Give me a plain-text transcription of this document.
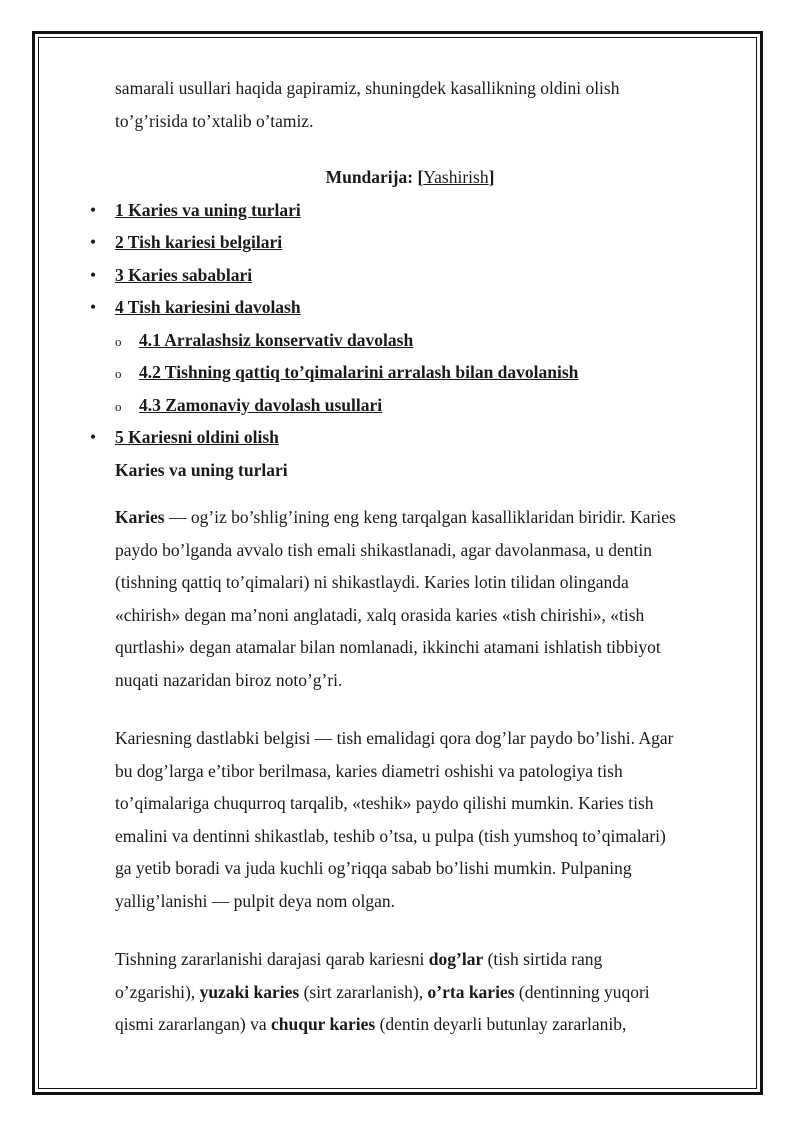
samarali usullari haqida gapiramiz, shuningdek kasallikning oldini olish
to’g’risida to’xtalib o’tamiz.

Mundarija: [Yashirish]

• 1 Karies va uning turlari
• 2 Tish kariesi belgilari
• 3 Karies sabablari
• 4 Tish kariesini davolash
o 4.1 Arralashsiz konservativ davolash
o 4.2 Tishning qattiq to’qimalarini arralash bilan davolanish
o 4.3 Zamonaviy davolash usullari
• 5 Kariesni oldini olish

Karies va uning turlari

Karies — og’iz bo’shlig’ining eng keng tarqalgan kasalliklaridan biridir. Karies
paydo bo’lganda avvalo tish emali shikastlanadi, agar davolanmasa, u dentin
(tishning qattiq to’qimalari) ni shikastlaydi. Karies lotin tilidan olinganda
«chirish» degan ma’noni anglatadi, xalq orasida karies «tish chirishi», «tish
qurtlashi» degan atamalar bilan nomlanadi, ikkinchi atamani ishlatish tibbiyot
nuqati nazaridan biroz noto’g’ri.

Kariesning dastlabki belgisi — tish emalidagi qora dog’lar paydo bo’lishi. Agar
bu dog’larga e’tibor berilmasa, karies diametri oshishi va patologiya tish
to’qimalariga chuqurroq tarqalib, «teshik» paydo qilishi mumkin. Karies tish
emalini va dentinni shikastlab, teshib o’tsa, u pulpa (tish yumshoq to’qimalari)
ga yetib boradi va juda kuchli og’riqqa sabab bo’lishi mumkin. Pulpaning
yallig’lanishi — pulpit deya nom olgan.

Tishning zararlanishi darajasi qarab kariesni dog’lar (tish sirtida rang
o’zgarishi), yuzaki karies (sirt zararlanish), o’rta karies (dentinning yuqori
qismi zararlangan) va chuqur karies (dentin deyarli butunlay zararlanib,
